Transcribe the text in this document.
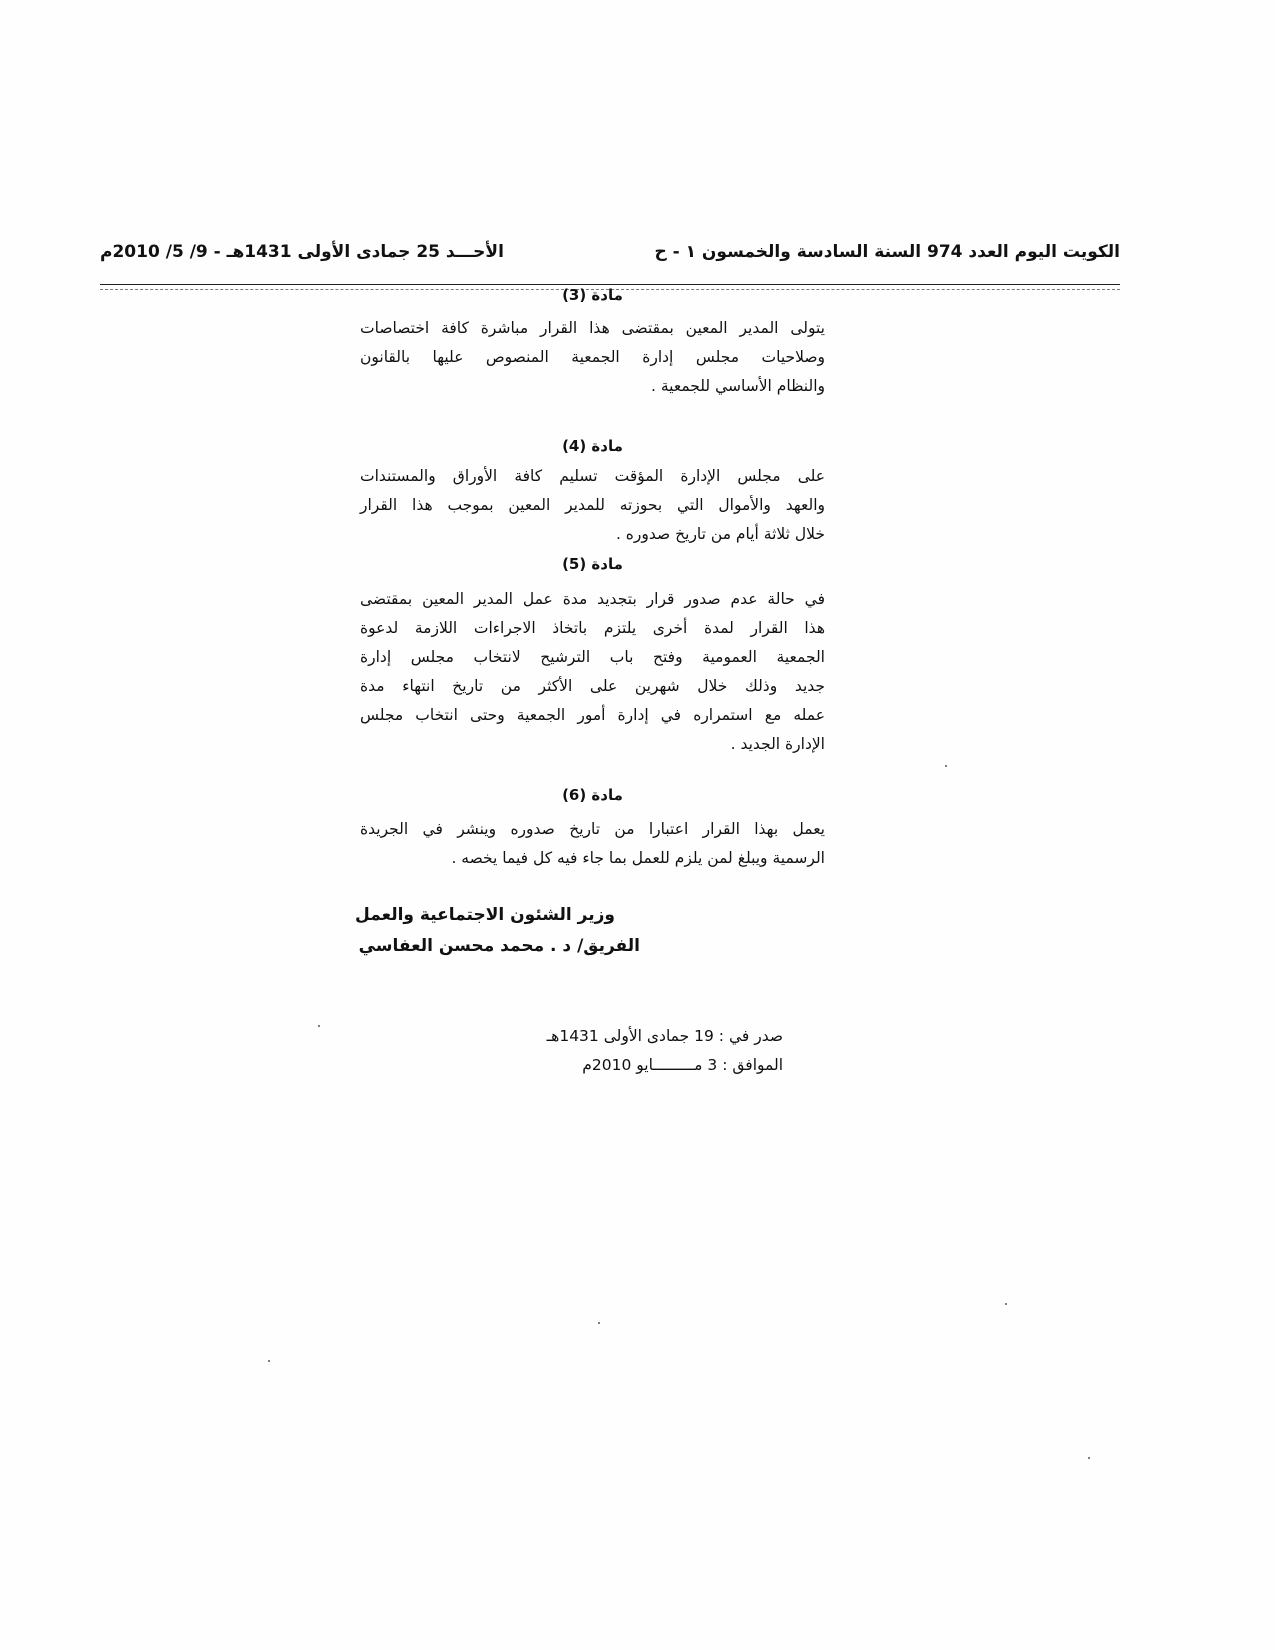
الكويت اليوم العدد 974 السنة السادسة والخمسون ١ - ح
الأحـــد 25 جمادى الأولى 1431هـ - 9/ 5/ 2010م
مادة (3)
يتولى المدير المعين بمقتضى هذا القرار مباشرة كافة اختصاصات
وصلاحيات مجلس إدارة الجمعية المنصوص عليها بالقانون
والنظام الأساسي للجمعية .
مادة (4)
على مجلس الإدارة المؤقت تسليم كافة الأوراق والمستندات
والعهد والأموال التي بحوزته للمدير المعين بموجب هذا القرار
خلال ثلاثة أيام من تاريخ صدوره .
مادة (5)
في حالة عدم صدور قرار بتجديد مدة عمل المدير المعين بمقتضى
هذا القرار لمدة أخرى يلتزم باتخاذ الاجراءات اللازمة لدعوة
الجمعية العمومية وفتح باب الترشيح لانتخاب مجلس إدارة
جديد وذلك خلال شهرين على الأكثر من تاريخ انتهاء مدة
عمله مع استمراره في إدارة أمور الجمعية وحتى انتخاب مجلس
الإدارة الجديد .
مادة (6)
يعمل بهذا القرار اعتبارا من تاريخ صدوره وينشر في الجريدة
الرسمية ويبلغ لمن يلزم للعمل بما جاء فيه كل فيما يخصه .
وزير الشئون الاجتماعية والعمل
الفريق/ د . محمد محسن العفاسي
صدر في : 19 جمادى الأولى 1431هـ
الموافق : 3 مـــــــــايو 2010م
